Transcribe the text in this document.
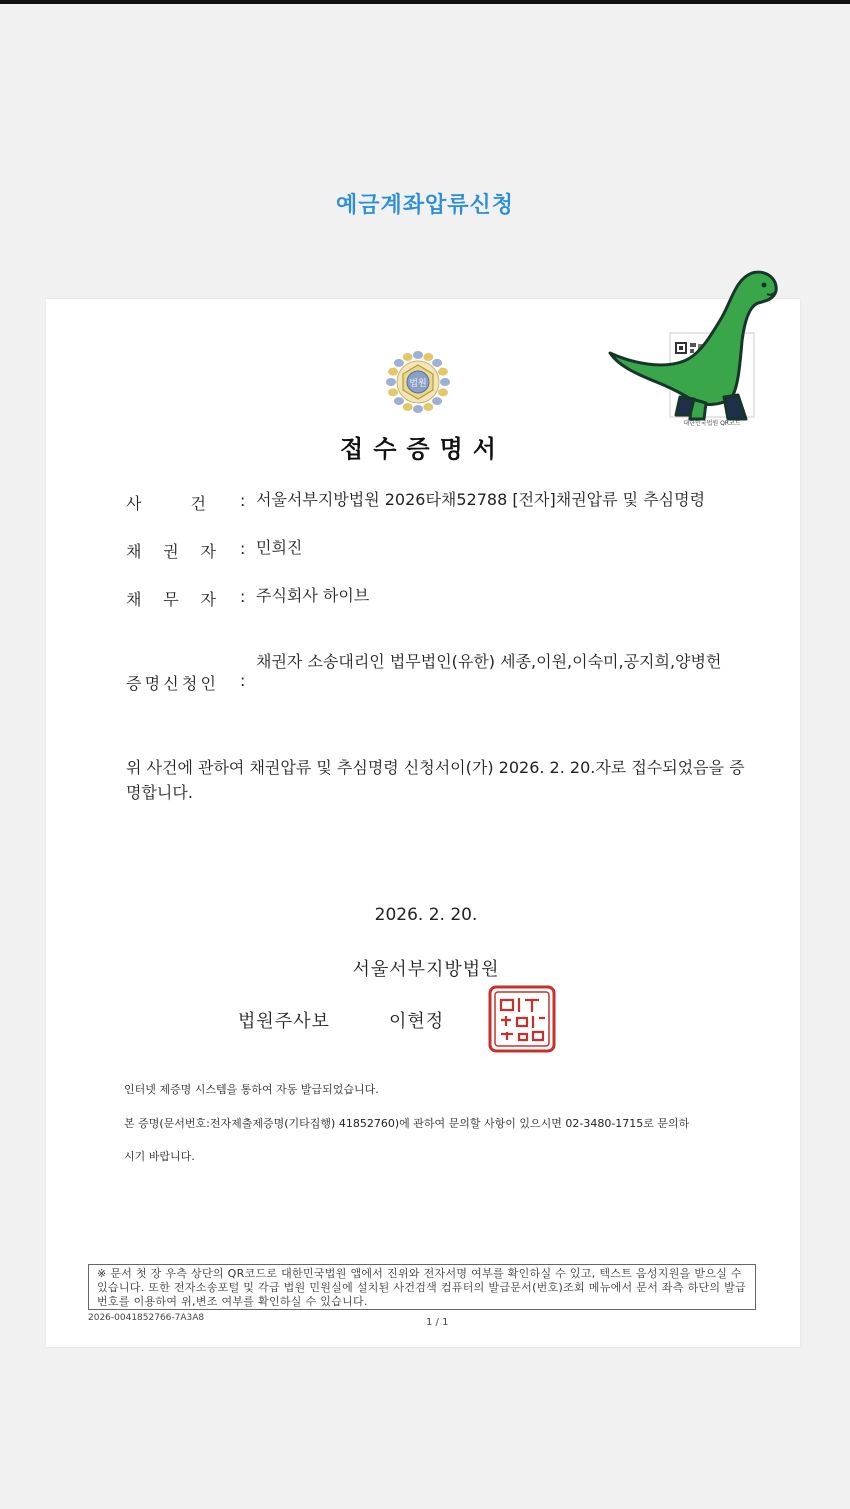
예금계좌압류신청
법원
접수증명서
대한민국법원 QR코드
사	건 : 서울서부지방법원 2026타채52788 [전자]채권압류 및 추심명령
채 권 자 : 민희진
채 무 자 : 주식회사 하이브
증 명 신 청 인 :
채권자 소송대리인 법무법인(유한) 세종,이원,이숙미,공지희,양병헌
위 사건에 관하여 채권압류 및 추심명령 신청서이(가) 2026. 2. 20.자로 접수되었음을 증명합니다.
2026. 2. 20.
서울서부지방법원
법원주사보	이현정
인터넷 제증명 시스템을 통하여 자동 발급되었습니다.
본 증명(문서번호:전자제출제증명(기타집행) 41852760)에 관하여 문의할 사항이 있으시면 02-3480-1715로 문의하
시기 바랍니다.
※ 문서 첫 장 우측 상단의 QR코드로 대한민국법원 앱에서 진위와 전자서명 여부를 확인하실 수 있고, 텍스트 음성지원을 받으실 수 있습니다. 또한 전자소송포털 및 각급 법원 민원실에 설치된 사건검색 컴퓨터의 발급문서(번호)조회 메뉴에서 문서 좌측 하단의 발급번호를 이용하여 위,변조 여부를 확인하실 수 있습니다.
2026-0041852766-7A3A8	1 / 1
